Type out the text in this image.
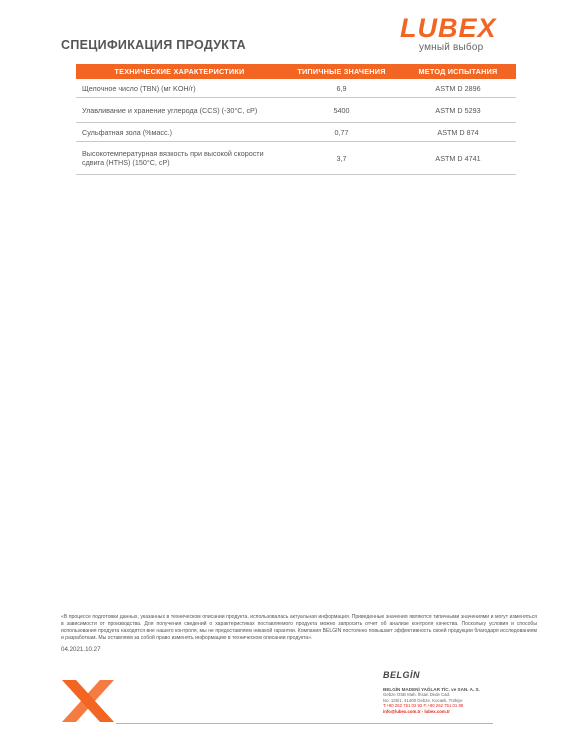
СПЕЦИФИКАЦИЯ ПРОДУКТА
LUBEX
умный выбор
ТЕХНИЧЕСКИЕ ХАРАКТЕРИСТИКИ	ТИПИЧНЫЕ ЗНАЧЕНИЯ	МЕТОД ИСПЫТАНИЯ
Щелочное число (TBN) (мг KOH/г)	6,9	ASTM D 2896
Улавливание и хранение углерода (CCS) (-30°C, cP)	5400	ASTM D 5293
Сульфатная зола (%масс.)	0,77	ASTM D 874
Высокотемпературная вязкость при высокой скорости сдвига (HTHS) (150°C, cP)	3,7	ASTM D 4741

«В процессе подготовки данных, указанных в техническом описании продукта, использовалась актуальная информация. Приведенные значения являются типичными значениями и могут изменяться в зависимости от производства. Для получения сведений о характеристиках поставляемого продукта можно запросить отчет об анализе контроля качества. Поскольку условия и способы использования продукта находятся вне нашего контроля, мы не предоставляем никакой гарантии. Компания BELGIN постоянно повышает эффективность своей продукции благодаря исследованиям и разработкам. Мы оставляем за собой право изменять информацию в техническом описании продукта».

04.2021.10.27
BELGİN
BELGİN MADENİ YAĞLAR TİC. ve SAN. A. S.
Gebze OSB Mah. İhsan Dede Cad.
No: 125/1, 41400 Gebze, Kocaeli, Türkiye
T:+90 262 751 02 92 F:+90 262 751 01 98
info@lubex.com.tr - lubex.com.tr
